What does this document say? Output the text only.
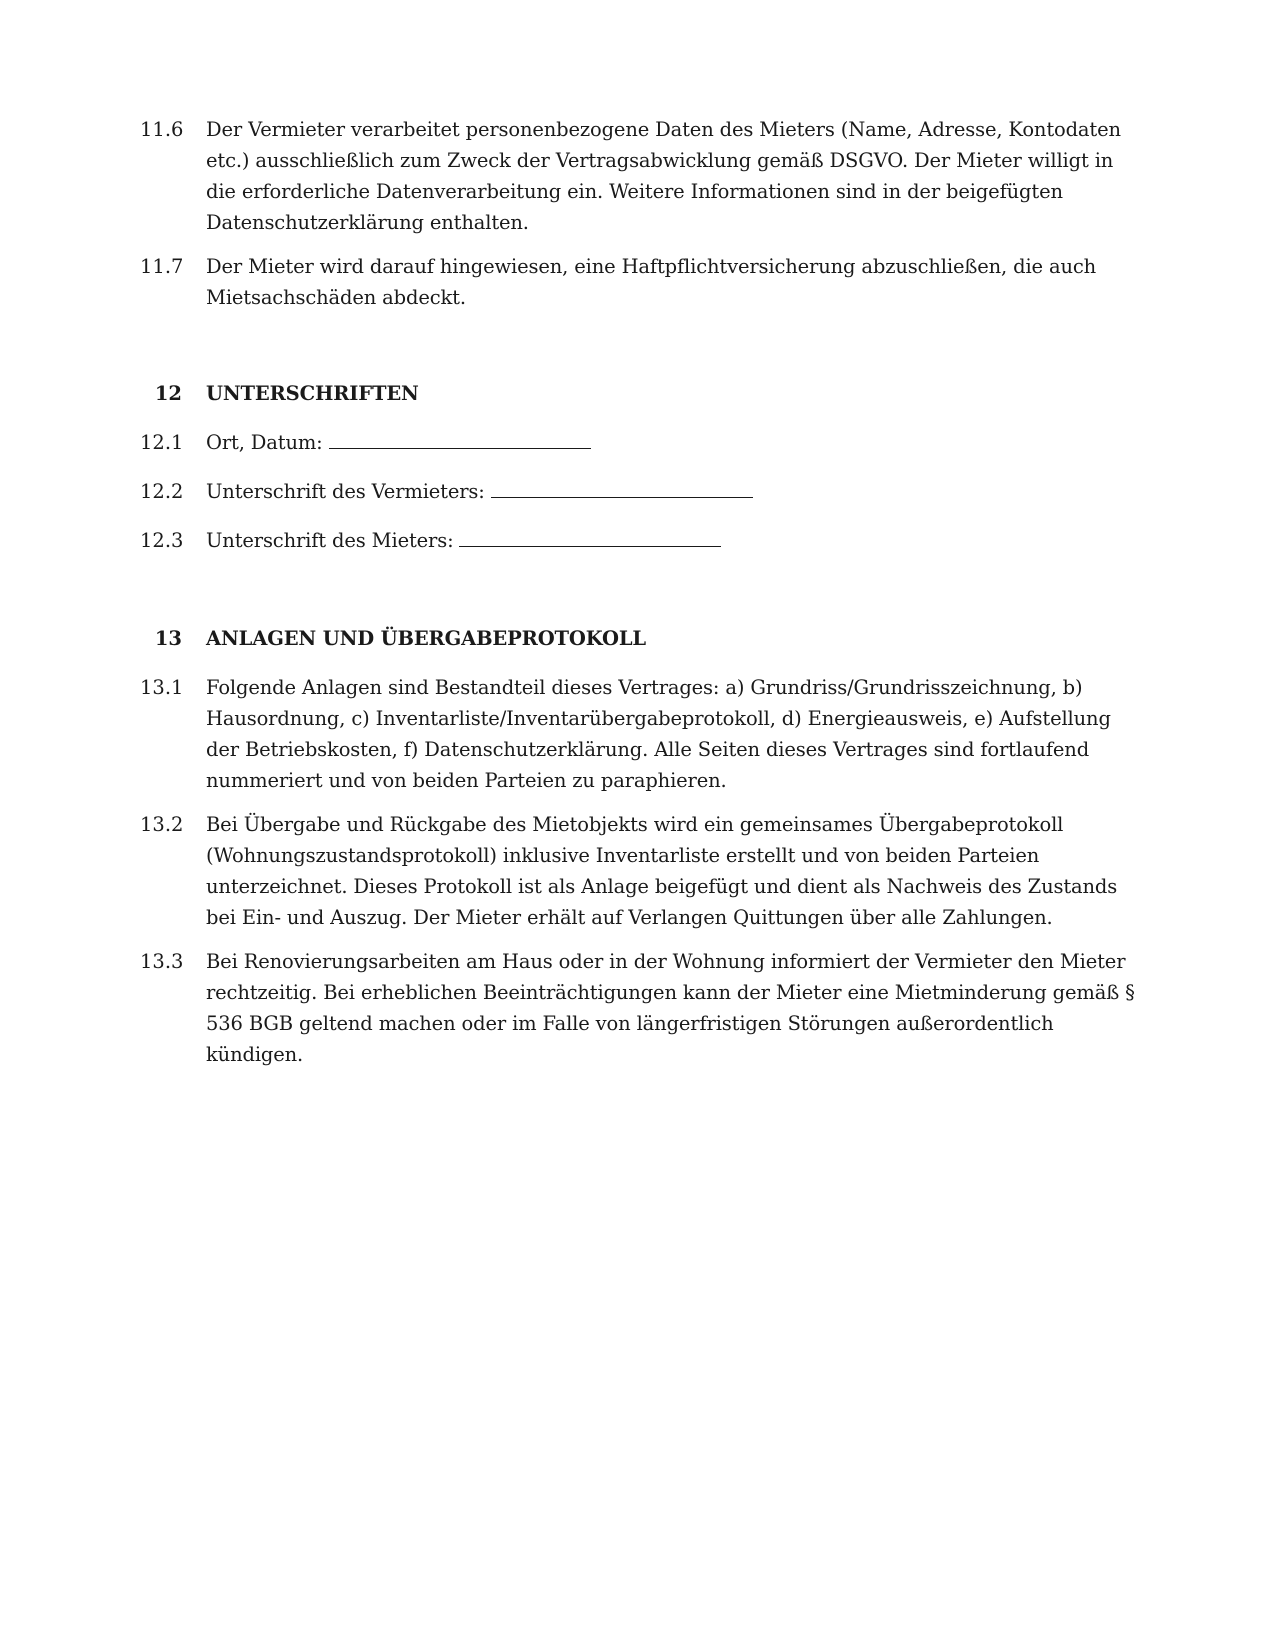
11.6	Der Vermieter verarbeitet personenbezogene Daten des Mieters (Name, Adresse, Kontodaten
etc.) ausschließlich zum Zweck der Vertragsabwicklung gemäß DSGVO. Der Mieter willigt in
die erforderliche Datenverarbeitung ein. Weitere Informationen sind in der beigefügten
Datenschutzerklärung enthalten.
11.7	Der Mieter wird darauf hingewiesen, eine Haftpflichtversicherung abzuschließen, die auch
Mietsachschäden abdeckt.
12 UNTERSCHRIFTEN
12.1	Ort, Datum:
12.2	Unterschrift des Vermieters:
12.3	Unterschrift des Mieters:
13 ANLAGEN UND ÜBERGABEPROTOKOLL
13.1	Folgende Anlagen sind Bestandteil dieses Vertrages: a) Grundriss/Grundrisszeichnung, b)
Hausordnung, c) Inventarliste/Inventarübergabeprotokoll, d) Energieausweis, e) Aufstellung
der Betriebskosten, f) Datenschutzerklärung. Alle Seiten dieses Vertrages sind fortlaufend
nummeriert und von beiden Parteien zu paraphieren.
13.2	Bei Übergabe und Rückgabe des Mietobjekts wird ein gemeinsames Übergabeprotokoll
(Wohnungszustandsprotokoll) inklusive Inventarliste erstellt und von beiden Parteien
unterzeichnet. Dieses Protokoll ist als Anlage beigefügt und dient als Nachweis des Zustands
bei Ein- und Auszug. Der Mieter erhält auf Verlangen Quittungen über alle Zahlungen.
13.3	Bei Renovierungsarbeiten am Haus oder in der Wohnung informiert der Vermieter den Mieter
rechtzeitig. Bei erheblichen Beeinträchtigungen kann der Mieter eine Mietminderung gemäß §
536 BGB geltend machen oder im Falle von längerfristigen Störungen außerordentlich
kündigen.
